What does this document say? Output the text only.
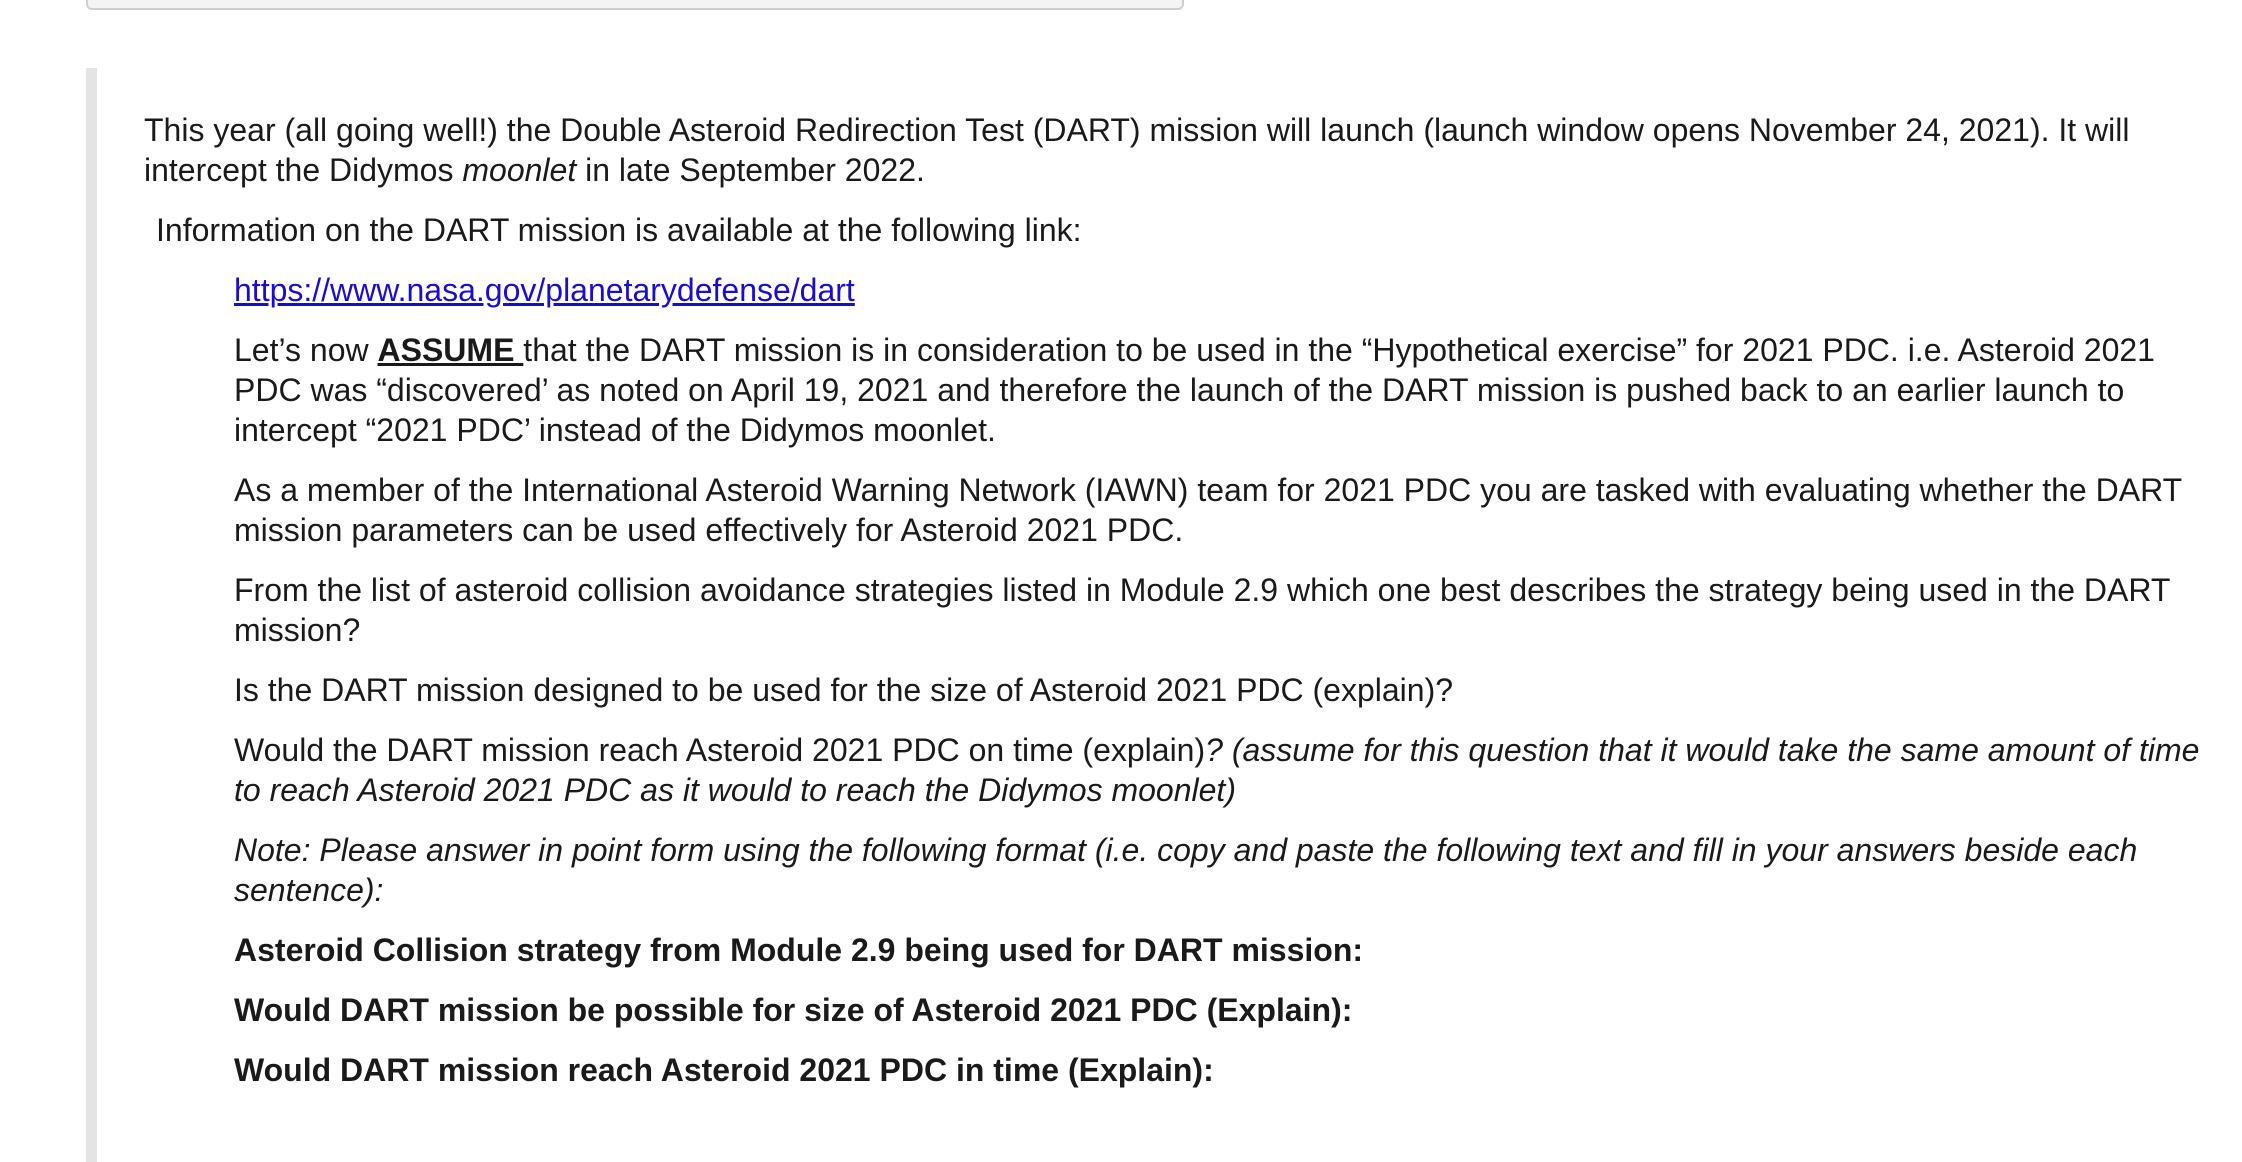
This year (all going well!) the Double Asteroid Redirection Test (DART) mission will launch (launch window opens November 24, 2021). It will intercept the Didymos moonlet in late September 2022.

Information on the DART mission is available at the following link:

https://www.nasa.gov/planetarydefense/dart

Let’s now ASSUME that the DART mission is in consideration to be used in the “Hypothetical exercise” for 2021 PDC. i.e. Asteroid 2021 PDC was “discovered’ as noted on April 19, 2021 and therefore the launch of the DART mission is pushed back to an earlier launch to intercept “2021 PDC’ instead of the Didymos moonlet.

As a member of the International Asteroid Warning Network (IAWN) team for 2021 PDC you are tasked with evaluating whether the DART mission parameters can be used effectively for Asteroid 2021 PDC.

From the list of asteroid collision avoidance strategies listed in Module 2.9 which one best describes the strategy being used in the DART mission?

Is the DART mission designed to be used for the size of Asteroid 2021 PDC (explain)?

Would the DART mission reach Asteroid 2021 PDC on time (explain)? (assume for this question that it would take the same amount of time to reach Asteroid 2021 PDC as it would to reach the Didymos moonlet)

Note: Please answer in point form using the following format (i.e. copy and paste the following text and fill in your answers beside each sentence):

Asteroid Collision strategy from Module 2.9 being used for DART mission:

Would DART mission be possible for size of Asteroid 2021 PDC (Explain):

Would DART mission reach Asteroid 2021 PDC in time (Explain):
